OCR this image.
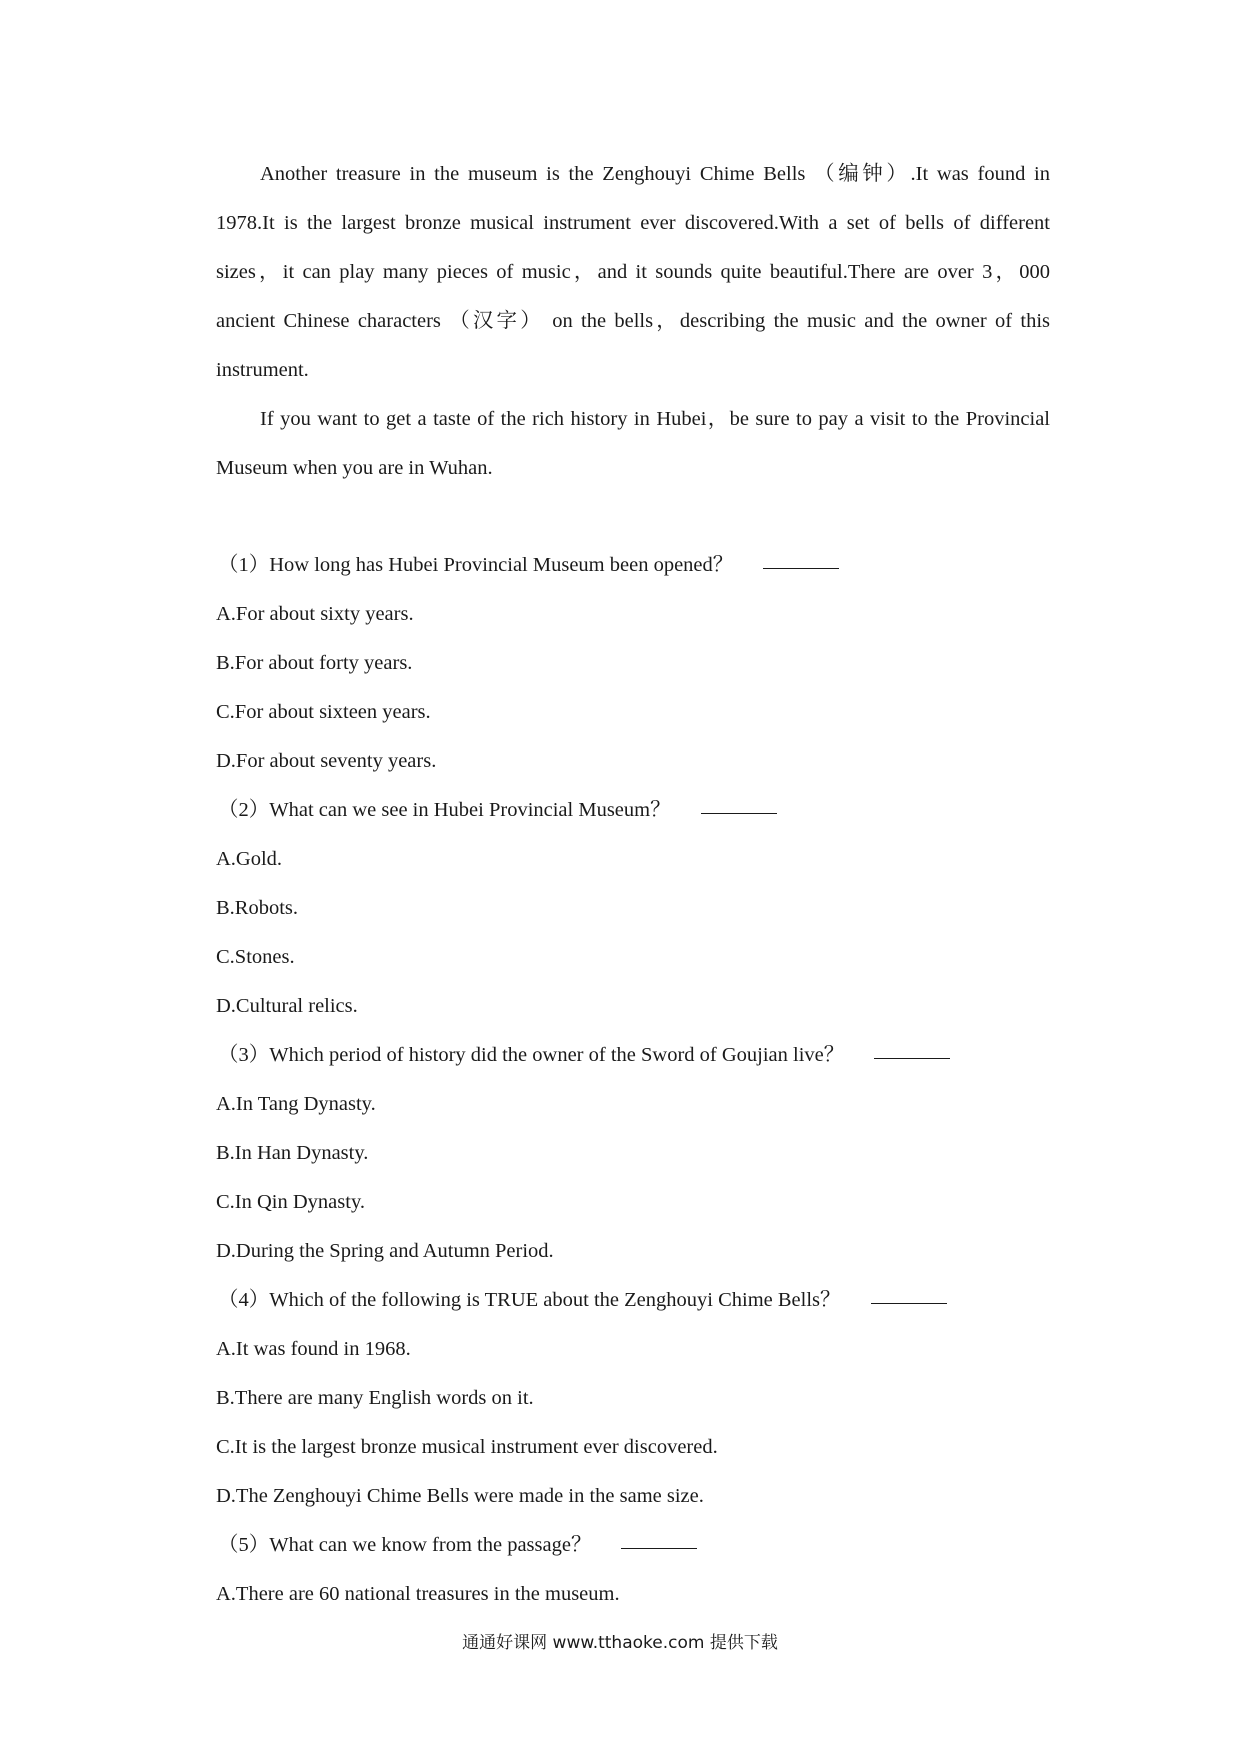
Another treasure in the museum is the Zenghouyi Chime Bells （编钟）.It was found in 1978.It is the largest bronze musical instrument ever discovered.With a set of bells of different sizes，it can play many pieces of music，and it sounds quite beautiful.There are over 3，000 ancient Chinese characters （汉字） on the bells，describing the music and the owner of this instrument.

If you want to get a taste of the rich history in Hubei，be sure to pay a visit to the Provincial Museum when you are in Wuhan.

（1）How long has Hubei Provincial Museum been opened？

A.For about sixty years.

B.For about forty years.

C.For about sixteen years.

D.For about seventy years.

（2）What can we see in Hubei Provincial Museum？

A.Gold.

B.Robots.

C.Stones.

D.Cultural relics.

（3）Which period of history did the owner of the Sword of Goujian live？

A.In Tang Dynasty.

B.In Han Dynasty.

C.In Qin Dynasty.

D.During the Spring and Autumn Period.

（4）Which of the following is TRUE about the Zenghouyi Chime Bells？

A.It was found in 1968.

B.There are many English words on it.

C.It is the largest bronze musical instrument ever discovered.

D.The Zenghouyi Chime Bells were made in the same size.

（5）What can we know from the passage？

A.There are 60 national treasures in the museum.

通通好课网 www.tthaoke.com 提供下载
